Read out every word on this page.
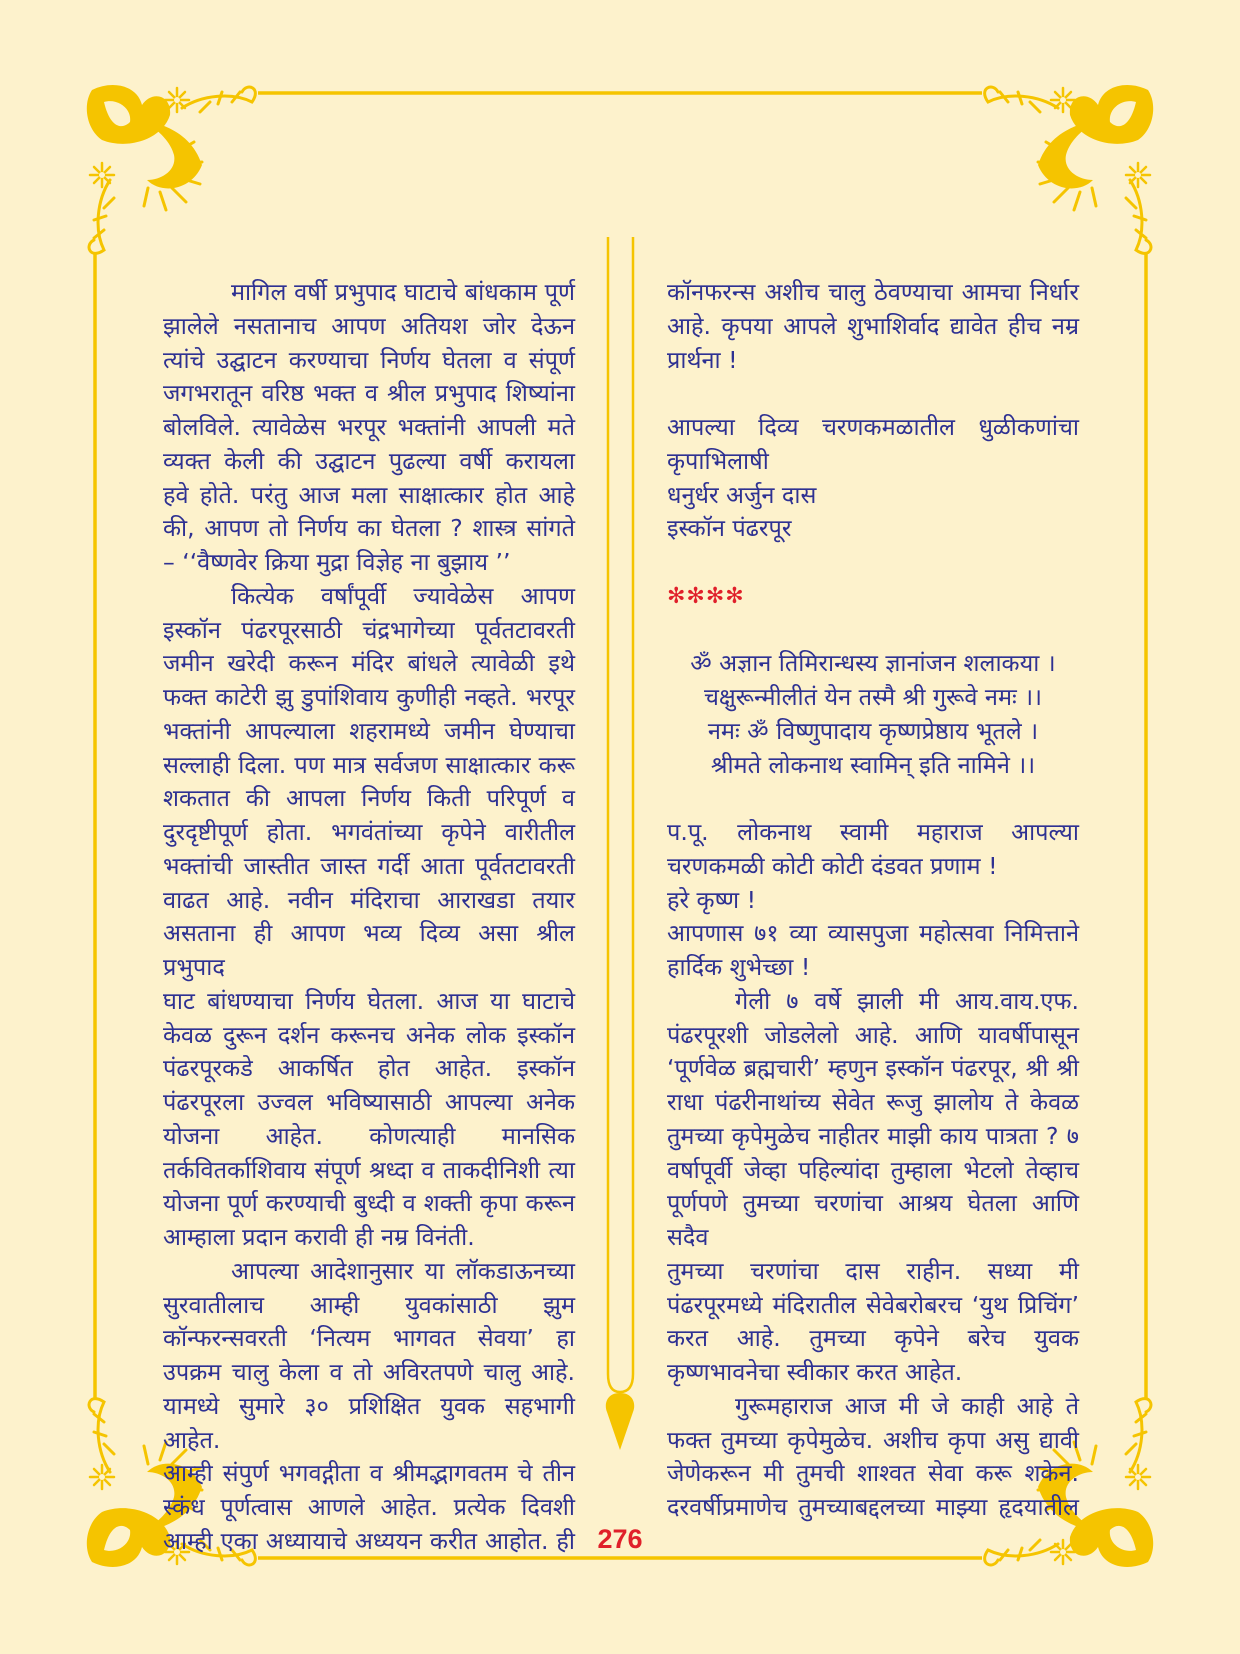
मागिल वर्षी प्रभुपाद घाटाचे बांधकाम पूर्ण
झालेले नसतानाच आपण अतियश जोर देऊन
त्यांचे उद्घाटन करण्याचा निर्णय घेतला व संपूर्ण
जगभरातून वरिष्ठ भक्त व श्रील प्रभुपाद शिष्यांना
बोलविले. त्यावेळेस भरपूर भक्तांनी आपली मते
व्यक्त केली की उद्घाटन पुढल्या वर्षी करायला
हवे होते. परंतु आज मला साक्षात्कार होत आहे
की, आपण तो निर्णय का घेतला ? शास्त्र सांगते
– ‘‘वैष्णवेर क्रिया मुद्रा विज्ञेह ना बुझाय ’’
कित्येक वर्षांपूर्वी ज्यावेळेस आपण
इस्कॉन पंढरपूरसाठी चंद्रभागेच्या पूर्वतटावरती
जमीन खरेदी करून मंदिर बांधले त्यावेळी इथे
फक्त काटेरी झु डुपांशिवाय कुणीही नव्हते. भरपूर
भक्तांनी आपल्याला शहरामध्ये जमीन घेण्याचा
सल्लाही दिला. पण मात्र सर्वजण साक्षात्कार करू
शकतात की आपला निर्णय किती परिपूर्ण व
दुरदृष्टीपूर्ण होता. भगवंतांच्या कृपेने वारीतील
भक्तांची जास्तीत जास्त गर्दी आता पूर्वतटावरती
वाढत आहे. नवीन मंदिराचा आराखडा तयार
असताना ही आपण भव्य दिव्य असा श्रील प्रभुपाद
घाट बांधण्याचा निर्णय घेतला. आज या घाटाचे
केवळ दुरून दर्शन करूनच अनेक लोक इस्कॉन
पंढरपूरकडे आकर्षित होत आहेत. इस्कॉन
पंढरपूरला उज्वल भविष्यासाठी आपल्या अनेक
योजना आहेत. कोणत्याही मानसिक
तर्कवितर्काशिवाय संपूर्ण श्रध्दा व ताकदीनिशी त्या
योजना पूर्ण करण्याची बुध्दी व शक्ती कृपा करून
आम्हाला प्रदान करावी ही नम्र विनंती.
आपल्या आदेशानुसार या लॉकडाऊनच्या
सुरवातीलाच आम्ही युवकांसाठी झुम
कॉन्फरन्सवरती ‘नित्यम भागवत सेवया’ हा
उपक्रम चालु केला व तो अविरतपणे चालु आहे.
यामध्ये सुमारे ३० प्रशिक्षित युवक सहभागी आहेत.
आम्ही संपुर्ण भगवद्गीता व श्रीमद्भागवतम चे तीन
स्कंध पूर्णत्वास आणले आहेत. प्रत्येक दिवशी
आम्ही एका अध्यायाचे अध्ययन करीत आहोत. ही
कॉनफरन्स अशीच चालु ठेवण्याचा आमचा निर्धार
आहे. कृपया आपले शुभाशिर्वाद द्यावेत हीच नम्र
प्रार्थना !
आपल्या दिव्य चरणकमळातील धुळीकणांचा
कृपाभिलाषी
धनुर्धर अर्जुन दास
इस्कॉन पंढरपूर
✻✻✻✻
ॐ अज्ञान तिमिरान्धस्य ज्ञानांजन शलाकया ।
चक्षुरून्मीलीतं येन तस्मै श्री गुरूवे नमः ।।
नमः ॐ विष्णुपादाय कृष्णप्रेष्ठाय भूतले ।
श्रीमते लोकनाथ स्वामिन् इति नामिने ।।
प.पू. लोकनाथ स्वामी महाराज आपल्या
चरणकमळी कोटी कोटी दंडवत प्रणाम !
हरे कृष्ण !
आपणास ७१ व्या व्यासपुजा महोत्सवा निमित्ताने
हार्दिक शुभेच्छा !
गेली ७ वर्षे झाली मी आय.वाय.एफ.
पंढरपूरशी जोडलेलो आहे. आणि यावर्षीपासून
‘पूर्णवेळ ब्रह्मचारी’ म्हणुन इस्कॉन पंढरपूर, श्री श्री
राधा पंढरीनाथांच्य सेवेत रूजु झालोय ते केवळ
तुमच्या कृपेमुळेच नाहीतर माझी काय पात्रता ? ७
वर्षापूर्वी जेव्हा पहिल्यांदा तुम्हाला भेटलो तेव्हाच
पूर्णपणे तुमच्या चरणांचा आश्रय घेतला आणि सदैव
तुमच्या चरणांचा दास राहीन. सध्या मी
पंढरपूरमध्ये मंदिरातील सेवेबरोबरच ‘युथ प्रिचिंग’
करत आहे. तुमच्या कृपेने बरेच युवक
कृष्णभावनेचा स्वीकार करत आहेत.
गुरूमहाराज आज मी जे काही आहे ते
फक्त तुमच्या कृपेमुळेच. अशीच कृपा असु द्यावी
जेणेकरून मी तुमची शाश्वत सेवा करू शकेन.
दरवर्षीप्रमाणेच तुमच्याबद्दलच्या माझ्या हृदयातील
276
